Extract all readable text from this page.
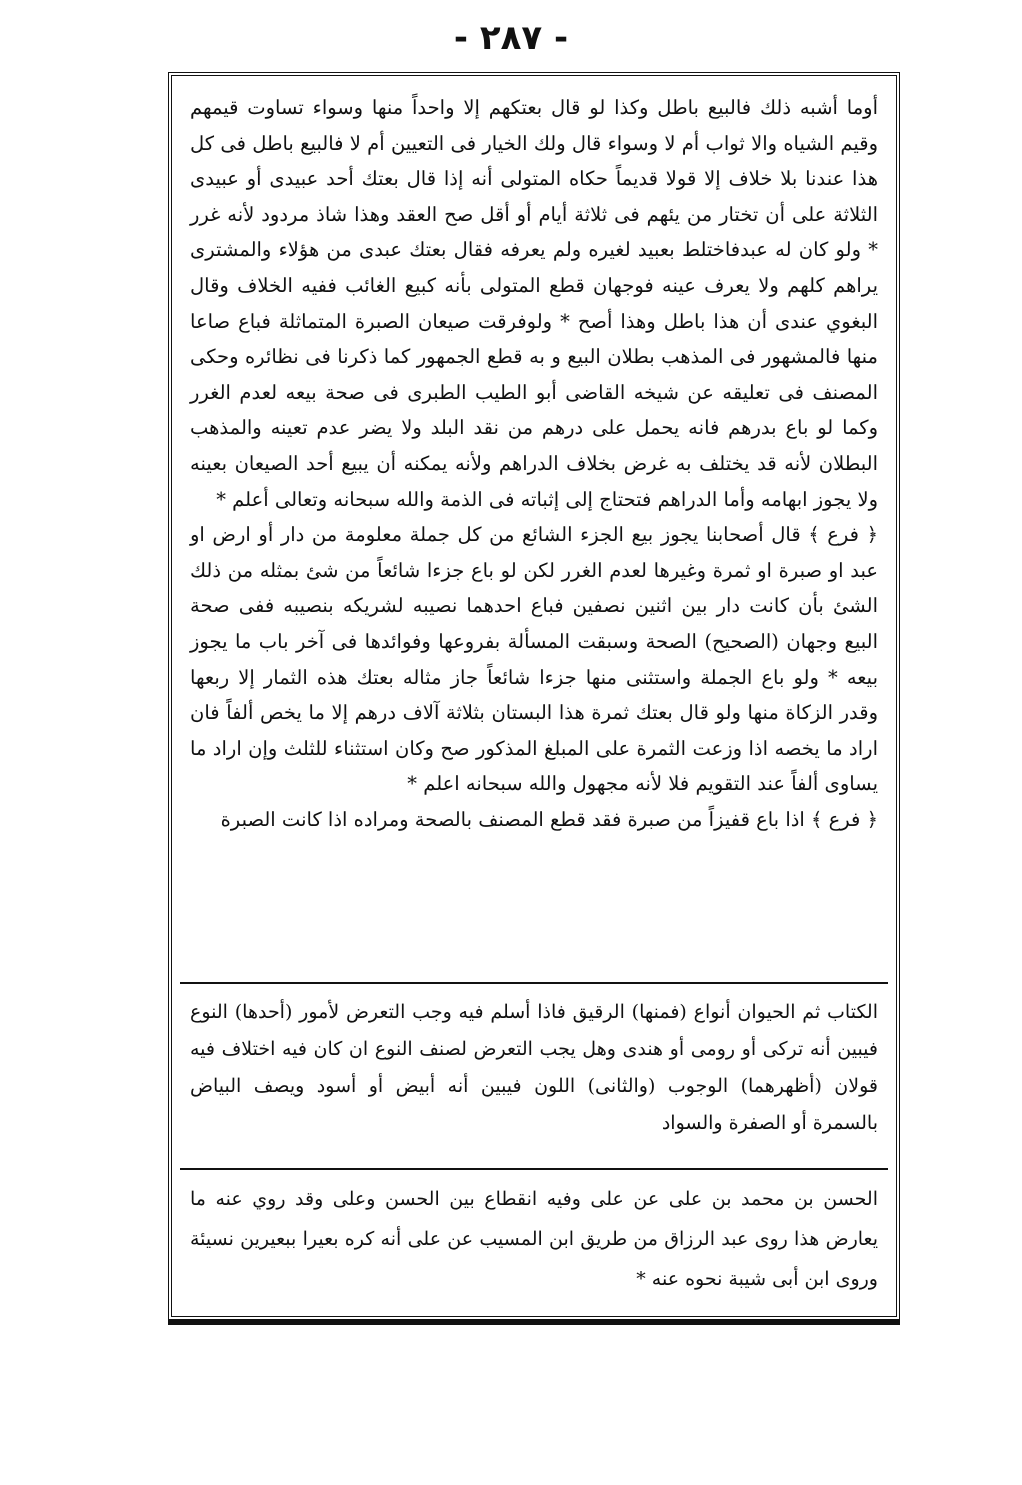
- ٢٨٧ -

أوما أشبه ذلك فالبيع باطل وكذا لو قال بعتكهم إلا واحداً منها وسواء تساوت قيمهم وقيم الشياه والا ثواب أم لا وسواء قال ولك الخيار فى التعيين أم لا فالبيع باطل فى كل هذا عندنا بلا خلاف إلا قولا قديماً حكاه المتولى أنه إذا قال بعتك أحد عبيدى أو عبيدى الثلاثة على أن تختار من يئهم فى ثلاثة أيام أو أقل صح العقد وهذا شاذ مردود لأنه غرر * ولو كان له عبدفاختلط بعبيد لغيره ولم يعرفه فقال بعتك عبدى من هؤلاء والمشترى يراهم كلهم ولا يعرف عينه فوجهان قطع المتولى بأنه كبيع الغائب ففيه الخلاف وقال البغوي عندى أن هذا باطل وهذا أصح * ولوفرقت صيعان الصبرة المتماثلة فباع صاعا منها فالمشهور فى المذهب بطلان البيع و به قطع الجمهور كما ذكرنا فى نظائره وحكى المصنف فى تعليقه عن شيخه القاضى أبو الطيب الطبرى فى صحة بيعه لعدم الغرر وكما لو باع بدرهم فانه يحمل على درهم من نقد البلد ولا يضر عدم تعينه والمذهب البطلان لأنه قد يختلف به غرض بخلاف الدراهم ولأنه يمكنه أن يبيع أحد الصيعان بعينه ولا يجوز ابهامه وأما الدراهم فتحتاج إلى إثباته فى الذمة والله سبحانه وتعالى أعلم *

﴿ فرع ﴾ قال أصحابنا يجوز بيع الجزء الشائع من كل جملة معلومة من دار أو ارض او عبد او صبرة او ثمرة وغيرها لعدم الغرر لكن لو باع جزءا شائعاً من شئ بمثله من ذلك الشئ بأن كانت دار بين اثنين نصفين فباع احدهما نصيبه لشريكه بنصيبه ففى صحة البيع وجهان (الصحيح) الصحة وسبقت المسألة بفروعها وفوائدها فى آخر باب ما يجوز بيعه * ولو باع الجملة واستثنى منها جزءا شائعاً جاز مثاله بعتك هذه الثمار إلا ربعها وقدر الزكاة منها ولو قال بعتك ثمرة هذا البستان بثلاثة آلاف درهم إلا ما يخص ألفاً فان اراد ما يخصه اذا وزعت الثمرة على المبلغ المذكور صح وكان استثناء للثلث وإن اراد ما يساوى ألفاً عند التقويم فلا لأنه مجهول والله سبحانه اعلم *

﴿ فرع ﴾ اذا باع قفيزاً من صبرة فقد قطع المصنف بالصحة ومراده اذا كانت الصبرة

الكتاب ثم الحيوان أنواع (فمنها) الرقيق فاذا أسلم فيه وجب التعرض لأمور (أحدها) النوع فيبين أنه تركى أو رومى أو هندى وهل يجب التعرض لصنف النوع ان كان فيه اختلاف فيه قولان (أظهرهما) الوجوب (والثانى) اللون فيبين أنه أبيض أو أسود ويصف البياض بالسمرة أو الصفرة والسواد

الحسن بن محمد بن على عن على وفيه انقطاع بين الحسن وعلى وقد روي عنه ما يعارض هذا روى عبد الرزاق من طريق ابن المسيب عن على أنه كره بعيرا ببعيرين نسيئة وروى ابن أبى شيبة نحوه عنه *
